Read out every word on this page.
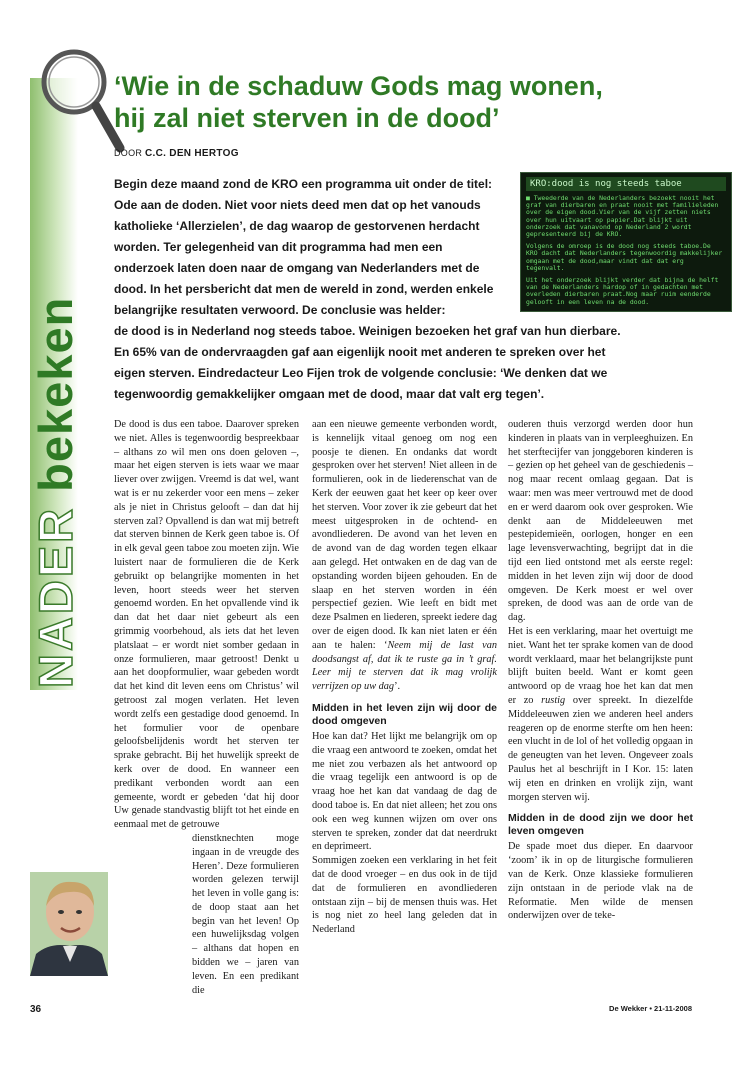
NADER bekeken
‘Wie in de schaduw Gods mag wonen,
hij zal niet sterven in de dood’
DOOR C.C. DEN HERTOG
Begin deze maand zond de KRO een programma uit onder de titel:
Ode aan de doden. Niet voor niets deed men dat op het vanouds
katholieke ‘Allerzielen’, de dag waarop de gestorvenen herdacht
worden. Ter gelegenheid van dit programma had men een
onderzoek laten doen naar de omgang van Nederlanders met de
dood. In het persbericht dat men de wereld in zond, werden enkele
belangrijke resultaten verwoord. De conclusie was helder:
de dood is in Nederland nog steeds taboe. Weinigen bezoeken het graf van hun dierbare.
En 65% van de ondervraagden gaf aan eigenlijk nooit met anderen te spreken over het
eigen sterven. Eindredacteur Leo Fijen trok de volgende conclusie: ‘We denken dat we
tegenwoordig gemakkelijker omgaan met de dood, maar dat valt erg tegen’.
KRO:dood is nog steeds taboe

■ Tweederde van de Nederlanders bezoekt nooit het graf van dierbaren en praat nooit met familieleden over de eigen dood.Vier van de vijf zetten niets over hun uitvaart op papier.Dat blijkt uit onderzoek dat vanavond op Nederland 2 wordt gepresenteerd bij de KRO.

Volgens de omroep is de dood nog steeds taboe.De KRO dacht dat Nederlanders tegenwoordig makkelijker omgaan met de dood,maar vindt dat dat erg tegenvalt.

Uit het onderzoek blijkt verder dat bijna de helft van de Nederlanders hardop of in gedachten met overleden dierbaren praat.Nog maar ruim eenderde gelooft in een leven na de dood.

De dood is dus een taboe. Daarover spreken we niet. Alles is tegenwoordig bespreekbaar – althans zo wil men ons doen geloven –, maar het eigen sterven is iets waar we maar liever over zwijgen. Vreemd is dat wel, want wat is er nu zekerder voor een mens – zeker als je niet in Christus gelooft – dan dat hij sterven zal? Opvallend is dan wat mij betreft dat sterven binnen de Kerk geen taboe is. Of in elk geval geen taboe zou moeten zijn. Wie luistert naar de formulieren die de Kerk gebruikt op belangrijke momenten in het leven, hoort steeds weer het sterven genoemd worden. En het opvallende vind ik dan dat het daar niet gebeurt als een grimmig voorbehoud, als iets dat het leven platslaat – er wordt niet somber gedaan in onze formulieren, maar getroost! Denkt u aan het doopformulier, waar gebeden wordt dat het kind dit leven eens om Christus’ wil getroost zal mogen verlaten. Het leven wordt zelfs een gestadige dood genoemd. In het formulier voor de openbare geloofsbelijdenis wordt het sterven ter sprake gebracht. Bij het huwelijk spreekt de kerk over de dood. En wanneer een predikant verbonden wordt aan een gemeente, wordt er gebeden ‘dat hij door Uw genade standvastig blijft tot het einde en eenmaal met de getrouwe

dienstknechten moge ingaan in de vreugde des Heren’. Deze formulieren worden gelezen terwijl het leven in volle gang is: de doop staat aan het begin van het leven! Op een huwelijksdag volgen – althans dat hopen en bidden we – jaren van leven. En een predikant die

aan een nieuwe gemeente verbonden wordt, is kennelijk vitaal genoeg om nog een poosje te dienen. En ondanks dat wordt gesproken over het sterven! Niet alleen in de formulieren, ook in de liederenschat van de Kerk der eeuwen gaat het keer op keer over het sterven. Voor zover ik zie gebeurt dat het meest uitgesproken in de ochtend- en avondliederen. De avond van het leven en de avond van de dag worden tegen elkaar aan gelegd. Het ontwaken en de dag van de opstanding worden bijeen gehouden. En de slaap en het sterven worden in één perspectief gezien. Wie leeft en bidt met deze Psalmen en liederen, spreekt iedere dag over de eigen dood. Ik kan niet laten er één aan te halen: ‘Neem mij de last van doodsangst af, dat ik te ruste ga in ’t graf. Leer mij te sterven dat ik mag vrolijk verrijzen op uw dag’.

Midden in het leven zijn wij door de dood omgeven

Hoe kan dat? Het lijkt me belangrijk om op die vraag een antwoord te zoeken, omdat het me niet zou verbazen als het antwoord op die vraag tegelijk een antwoord is op de vraag hoe het kan dat vandaag de dag de dood taboe is. En dat niet alleen; het zou ons ook een weg kunnen wijzen om over ons sterven te spreken, zonder dat dat neerdrukt en deprimeert.

Sommigen zoeken een verklaring in het feit dat de dood vroeger – en dus ook in de tijd dat de formulieren en avondliederen ontstaan zijn – bij de mensen thuis was. Het is nog niet zo heel lang geleden dat in Nederland

ouderen thuis verzorgd werden door hun kinderen in plaats van in verpleeghuizen. En het sterftecijfer van jonggeboren kinderen is – gezien op het geheel van de geschiedenis – nog maar recent omlaag gegaan. Dat is waar: men was meer vertrouwd met de dood en er werd daarom ook over gesproken. Wie denkt aan de Middeleeuwen met pestepidemieën, oorlogen, honger en een lage levensverwachting, begrijpt dat in die tijd een lied ontstond met als eerste regel: midden in het leven zijn wij door de dood omgeven. De Kerk moest er wel over spreken, de dood was aan de orde van de dag.

Het is een verklaring, maar het overtuigt me niet. Want het ter sprake komen van de dood wordt verklaard, maar het belangrijkste punt blijft buiten beeld. Want er komt geen antwoord op de vraag hoe het kan dat men er zo rustig over spreekt. In diezelfde Middeleeuwen zien we anderen heel anders reageren op de enorme sterfte om hen heen: een vlucht in de lol of het volledig opgaan in de geneugten van het leven. Ongeveer zoals Paulus het al beschrijft in I Kor. 15: laten wij eten en drinken en vrolijk zijn, want morgen sterven wij.

Midden in de dood zijn we door het leven omgeven

De spade moet dus dieper. En daarvoor ‘zoom’ ik in op de liturgische formulieren van de Kerk. Onze klassieke formulieren zijn ontstaan in de periode vlak na de Reformatie. Men wilde de mensen onderwijzen over de teke-

36	De Wekker • 21-11-2008
